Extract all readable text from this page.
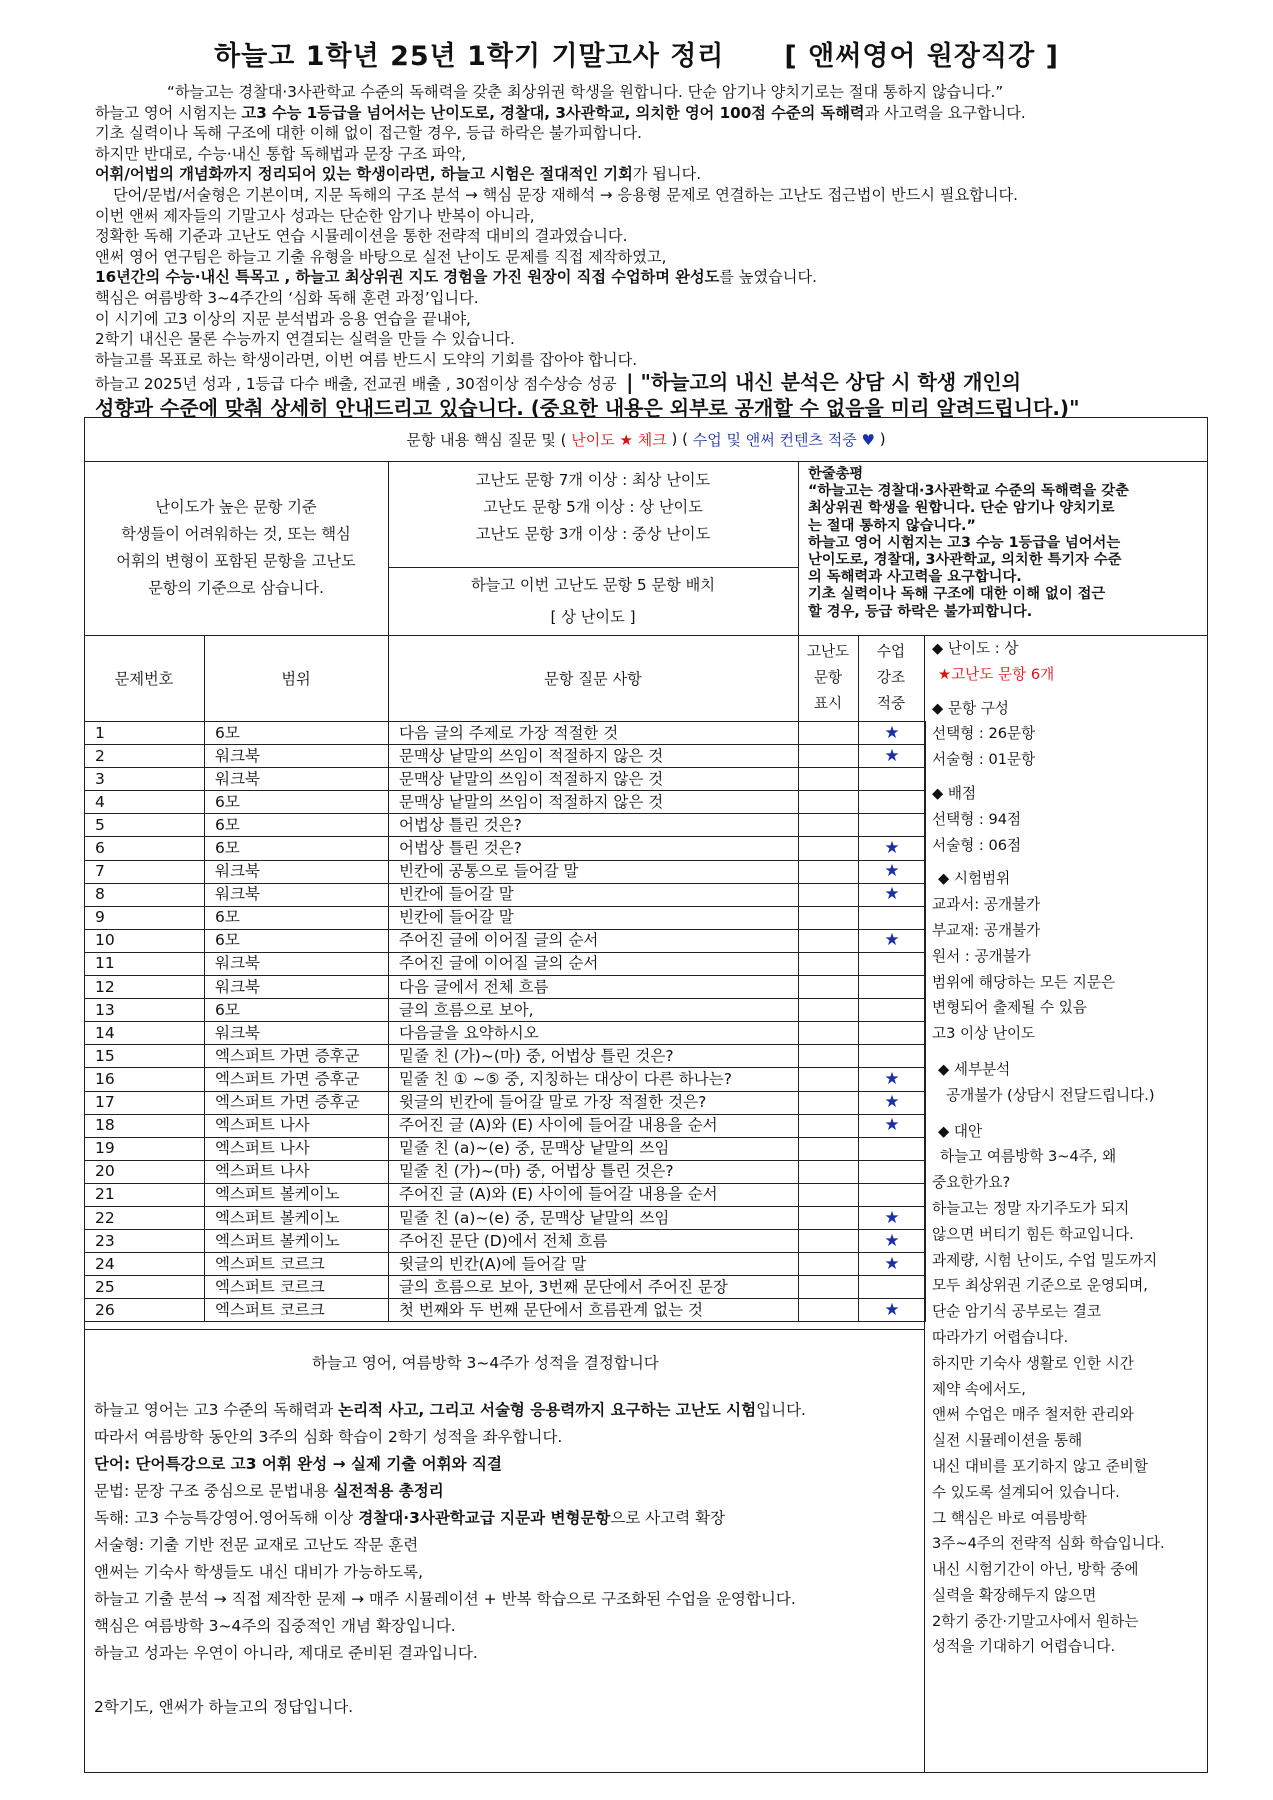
하늘고 1학년 25년 1학기 기말고사 정리 [ 앤써영어 원장직강 ]
“하늘고는 경찰대·3사관학교 수준의 독해력을 갖춘 최상위권 학생을 원합니다. 단순 암기나 양치기로는 절대 통하지 않습니다.”
하늘고 영어 시험지는 고3 수능 1등급을 넘어서는 난이도로, 경찰대, 3사관학교, 의치한 영어 100점 수준의 독해력과 사고력을 요구합니다.
기초 실력이나 독해 구조에 대한 이해 없이 접근할 경우, 등급 하락은 불가피합니다.
하지만 반대로, 수능·내신 통합 독해법과 문장 구조 파악,
어휘/어법의 개념화까지 정리되어 있는 학생이라면, 하늘고 시험은 절대적인 기회가 됩니다.
단어/문법/서술형은 기본이며, 지문 독해의 구조 분석 → 핵심 문장 재해석 → 응용형 문제로 연결하는 고난도 접근법이 반드시 필요합니다.
이번 앤써 제자들의 기말고사 성과는 단순한 암기나 반복이 아니라,
정확한 독해 기준과 고난도 연습 시뮬레이션을 통한 전략적 대비의 결과였습니다.
앤써 영어 연구팀은 하늘고 기출 유형을 바탕으로 실전 난이도 문제를 직접 제작하였고,
16년간의 수능·내신 특목고 , 하늘고 최상위권 지도 경험을 가진 원장이 직접 수업하며 완성도를 높였습니다.
핵심은 여름방학 3~4주간의 ‘심화 독해 훈련 과정’입니다.
이 시기에 고3 이상의 지문 분석법과 응용 연습을 끝내야,
2학기 내신은 물론 수능까지 연결되는 실력을 만들 수 있습니다.
하늘고를 목표로 하는 학생이라면, 이번 여름 반드시 도약의 기회를 잡아야 합니다.
하늘고 2025년 성과 , 1등급 다수 배출, 전교권 배출 , 30점이상 점수상승 성공 | "하늘고의 내신 분석은 상담 시 학생 개인의
성향과 수준에 맞춰 상세히 안내드리고 있습니다. (중요한 내용은 외부로 공개할 수 없음을 미리 알려드립니다.)"
문항 내용 핵심 질문 및 (
난이도 ★ 체크
) (
수업 및 앤써 컨텐츠 적중 ♥
)
난이도가 높은 문항 기준
학생들이 어려워하는 것, 또는 핵심
어휘의 변형이 포함된 문항을 고난도
문항의 기준으로 삼습니다.
고난도 문항 7개 이상 : 최상 난이도
고난도 문항 5개 이상 : 상 난이도
고난도 문항 3개 이상 : 중상 난이도
하늘고 이번 고난도 문항 5 문항 배치
[ 상 난이도 ]
한줄총평
“하늘고는 경찰대·3사관학교 수준의 독해력을 갖춘
최상위권 학생을 원합니다. 단순 암기나 양치기로
는 절대 통하지 않습니다.”
하늘고 영어 시험지는 고3 수능 1등급을 넘어서는
난이도로, 경찰대, 3사관학교, 의치한 특기자 수준
의 독해력과 사고력을 요구합니다.
기초 실력이나 독해 구조에 대한 이해 없이 접근
할 경우, 등급 하락은 불가피합니다.
문제번호	범위	문항 질문 사항
고난도
문항
표시
수업
강조
적중
1	6모	다음 글의 주제로 가장 적절한 것		★
2	워크북	문맥상 낱말의 쓰임이 적절하지 않은 것		★
3	워크북	문맥상 낱말의 쓰임이 적절하지 않은 것		
4	6모	문맥상 낱말의 쓰임이 적절하지 않은 것		
5	6모	어법상 틀린 것은?		
6	6모	어법상 틀린 것은?		★
7	워크북	빈칸에 공통으로 들어갈 말		★
8	워크북	빈칸에 들어갈 말		★
9	6모	빈칸에 들어갈 말		
10	6모	주어진 글에 이어질 글의 순서		★
11	워크북	주어진 글에 이어질 글의 순서		
12	워크북	다음 글에서 전체 흐름		
13	6모	글의 흐름으로 보아,		
14	워크북	다음글을 요약하시오		
15	엑스퍼트 가면 증후군	밑줄 친 (가)~(마) 중, 어법상 틀린 것은?		
16	엑스퍼트 가면 증후군	밑줄 친 ① ~⑤ 중, 지칭하는 대상이 다른 하나는?		★
17	엑스퍼트 가면 증후군	윗글의 빈칸에 들어갈 말로 가장 적절한 것은?		★
18	엑스퍼트 나사	주어진 글 (A)와 (E) 사이에 들어갈 내용을 순서		★
19	엑스퍼트 나사	밑줄 친 (a)~(e) 중, 문맥상 낱말의 쓰임		
20	엑스퍼트 나사	밑줄 친 (가)~(마) 중, 어법상 틀린 것은?		
21	엑스퍼트 볼케이노	주어진 글 (A)와 (E) 사이에 들어갈 내용을 순서		
22	엑스퍼트 볼케이노	밑줄 친 (a)~(e) 중, 문맥상 낱말의 쓰임		★
23	엑스퍼트 볼케이노	주어진 문단 (D)에서 전체 흐름		★
24	엑스퍼트 코르크	윗글의 빈칸(A)에 들어갈 말		★
25	엑스퍼트 코르크	글의 흐름으로 보아, 3번째 문단에서 주어진 문장		
26	엑스퍼트 코르크	첫 번째와 두 번째 문단에서 흐름관계 없는 것		★
◆ 난이도 : 상
★고난도 문항 6개
◆ 문항 구성
선택형 : 26문항
서술형 : 01문항
◆ 배점
선택형 : 94점
서술형 : 06점
◆ 시험범위
교과서: 공개불가
부교재: 공개불가
원서 : 공개불가
범위에 해당하는 모든 지문은
변형되어 출제될 수 있음
고3 이상 난이도
◆ 세부분석
공개불가 (상담시 전달드립니다.)
◆ 대안
하늘고 여름방학 3~4주, 왜
중요한가요?
하늘고는 정말 자기주도가 되지
않으면 버티기 힘든 학교입니다.
과제량, 시험 난이도, 수업 밀도까지
모두 최상위권 기준으로 운영되며,
단순 암기식 공부로는 결코
따라가기 어렵습니다.
하지만 기숙사 생활로 인한 시간
제약 속에서도,
앤써 수업은 매주 철저한 관리와
실전 시뮬레이션을 통해
내신 대비를 포기하지 않고 준비할
수 있도록 설계되어 있습니다.
그 핵심은 바로 여름방학
3주~4주의 전략적 심화 학습입니다.
내신 시험기간이 아닌, 방학 중에
실력을 확장해두지 않으면
2학기 중간·기말고사에서 원하는
성적을 기대하기 어렵습니다.
하늘고 영어, 여름방학 3~4주가 성적을 결정합니다
하늘고 영어는 고3 수준의 독해력과 논리적 사고, 그리고 서술형 응용력까지 요구하는 고난도 시험입니다.
따라서 여름방학 동안의 3주의 심화 학습이 2학기 성적을 좌우합니다.
단어: 단어특강으로 고3 어휘 완성 → 실제 기출 어휘와 직결
문법: 문장 구조 중심으로 문법내용 실전적용 총정리
독해: 고3 수능특강영어.영어독해 이상 경찰대·3사관학교급 지문과 변형문항으로 사고력 확장
서술형: 기출 기반 전문 교재로 고난도 작문 훈련
앤써는 기숙사 학생들도 내신 대비가 가능하도록,
하늘고 기출 분석 → 직접 제작한 문제 → 매주 시뮬레이션 + 반복 학습으로 구조화된 수업을 운영합니다.
핵심은 여름방학 3~4주의 집중적인 개념 확장입니다.
하늘고 성과는 우연이 아니라, 제대로 준비된 결과입니다.
2학기도, 앤써가 하늘고의 정답입니다.
